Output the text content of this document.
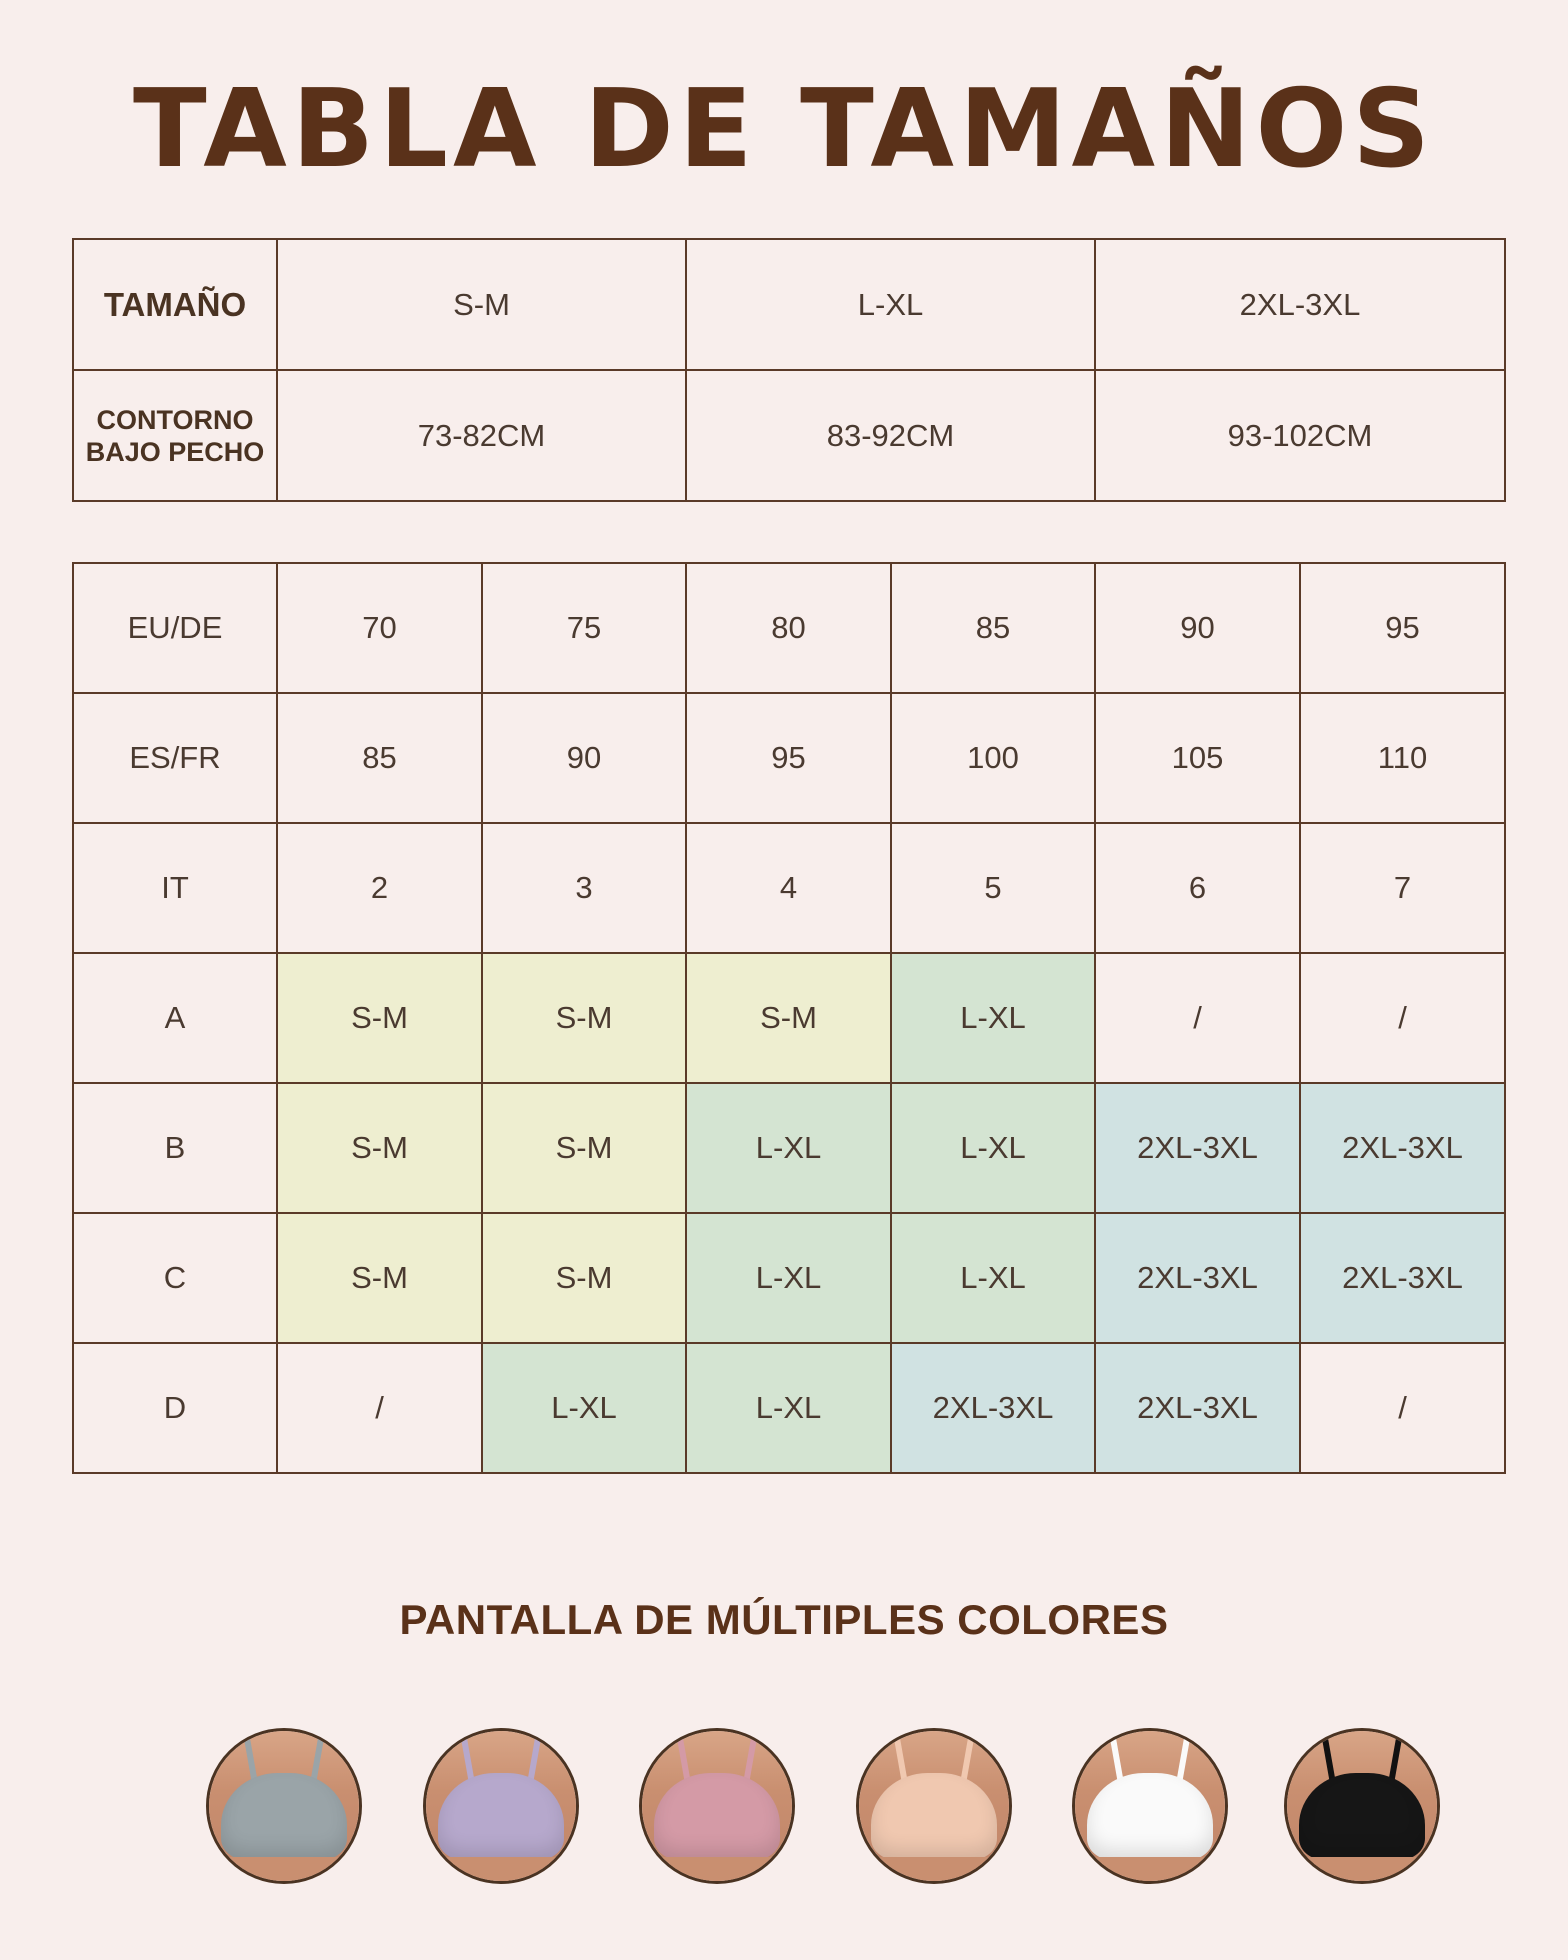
TABLA DE TAMAÑOS
TAMAÑO	S-M	L-XL	2XL-3XL
CONTORNO
BAJO PECHO	73-82CM	83-92CM	93-102CM
EU/DE	70	75	80	85	90	95
ES/FR	85	90	95	100	105	110
IT	2	3	4	5	6	7
A	S-M	S-M	S-M	L-XL	/	/
B	S-M	S-M	L-XL	L-XL	2XL-3XL	2XL-3XL
C	S-M	S-M	L-XL	L-XL	2XL-3XL	2XL-3XL
D	/	L-XL	L-XL	2XL-3XL	2XL-3XL	/
PANTALLA DE MÚLTIPLES COLORES
